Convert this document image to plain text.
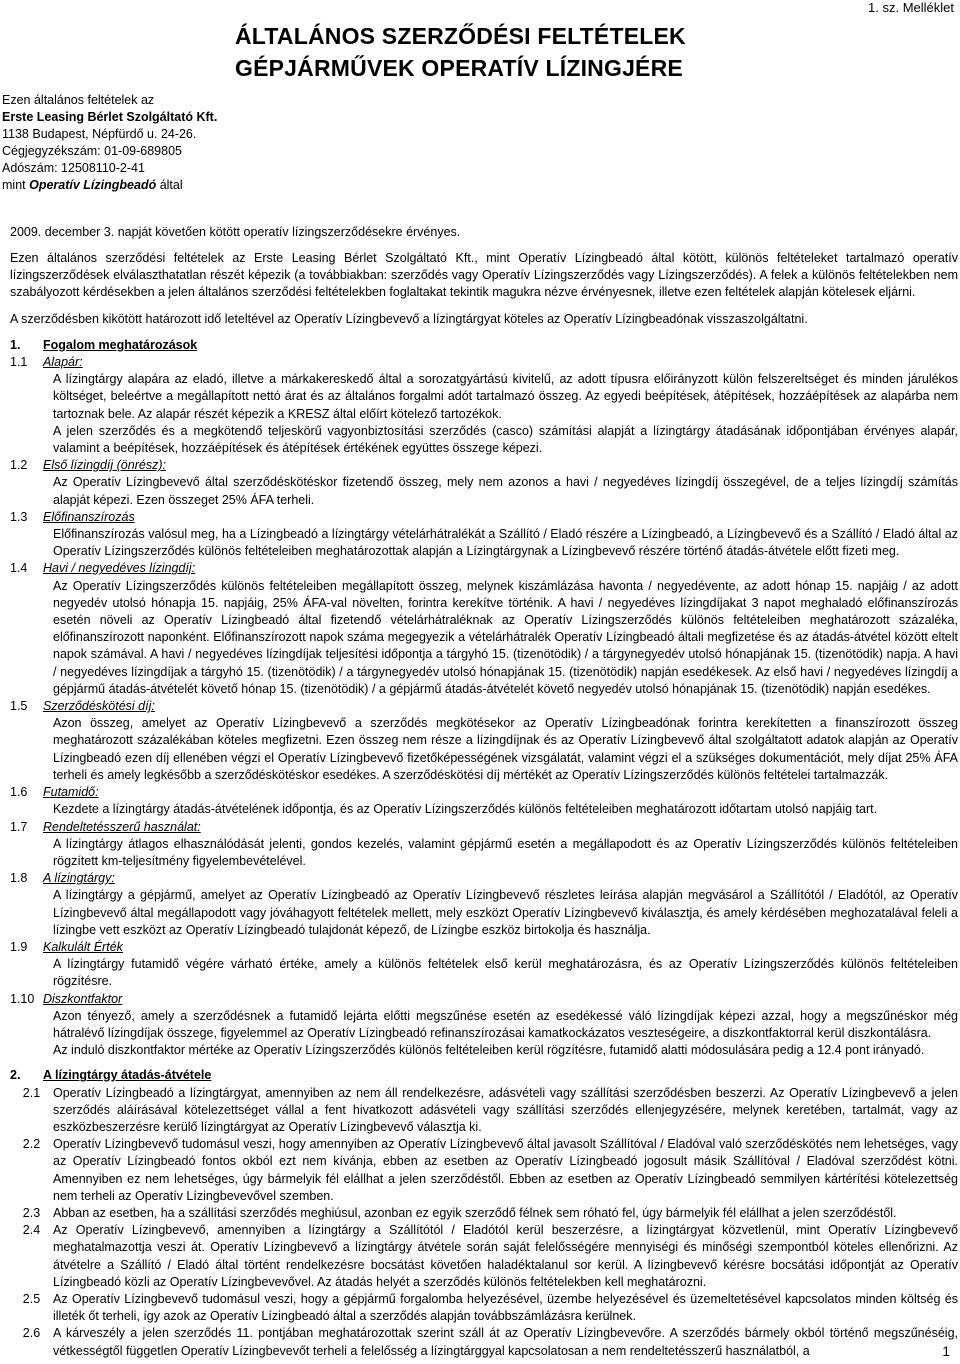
1. sz. Melléklet
ÁLTALÁNOS SZERZŐDÉSI FELTÉTELEK
GÉPJÁRMŰVEK OPERATÍV LÍZINGJÉRE
Ezen általános feltételek az
Erste Leasing Bérlet Szolgáltató Kft.
1138 Budapest, Népfürdő u. 24-26.
Cégjegyzékszám: 01-09-689805
Adószám: 12508110-2-41
mint Operatív Lízingbeadó által
2009. december 3. napját követően kötött operatív lízingszerződésekre érvényes.

Ezen általános szerződési feltételek az Erste Leasing Bérlet Szolgáltató Kft., mint Operatív Lízingbeadó által kötött, különös feltételeket tartalmazó operatív lízingszerződések elválaszthatatlan részét képezik (a továbbiakban: szerződés vagy Operatív Lízingszerződés vagy Lízingszerződés). A felek a különös feltételekben nem szabályozott kérdésekben a jelen általános szerződési feltételekben foglaltakat tekintik magukra nézve érvényesnek, illetve ezen feltételek alapján kötelesek eljárni.

A szerződésben kikötött határozott idő leteltével az Operatív Lízingbevevő a lízingtárgyat köteles az Operatív Lízingbeadónak visszaszolgáltatni.

1.	Fogalom meghatározások
1.1	Alapár:

A lízingtárgy alapára az eladó, illetve a márkakereskedő által a sorozatgyártású kivitelű, az adott típusra előirányzott külön felszereltséget és minden járulékos költséget, beleértve a megállapított nettó árat és az általános forgalmi adót tartalmazó összeg. Az egyedi beépítések, átépítések, hozzáépítések az alapárba nem tartoznak bele. Az alapár részét képezik a KRESZ által előírt kötelező tartozékok.

A jelen szerződés és a megkötendő teljeskörű vagyonbiztosítási szerződés (casco) számítási alapját a lízingtárgy átadásának időpontjában érvényes alapár, valamint a beépítések, hozzáépítések és átépítések értékének együttes összege képezi.

1.2	Első lízingdíj (önrész):

Az Operatív Lízingbevevő által szerződéskötéskor fizetendő összeg, mely nem azonos a havi / negyedéves lízingdíj összegével, de a teljes lízingdíj számítás alapját képezi. Ezen összeget 25% ÁFA terheli.

1.3	Előfinanszírozás

Előfinanszírozás valósul meg, ha a Lízingbeadó a lízingtárgy vételárhátralékát a Szállító / Eladó részére a Lízingbeadó, a Lízingbevevő és a Szállító / Eladó által az Operatív Lízingszerződés különös feltételeiben meghatározottak alapján a Lízingtárgynak a Lízingbevevő részére történő átadás-átvétele előtt fizeti meg.

1.4	Havi / negyedéves lízingdíj:

Az Operatív Lízingszerződés különös feltételeiben megállapított összeg, melynek kiszámlázása havonta / negyedévente, az adott hónap 15. napjáig / az adott negyedév utolsó hónapja 15. napjáig, 25% ÁFA-val növelten, forintra kerekítve történik. A havi / negyedéves lízingdíjakat 3 napot meghaladó előfinanszírozás esetén növeli az Operatív Lízingbeadó által fizetendő vételárhátraléknak az Operatív Lízingszerződés különös feltételeiben meghatározott százaléka, előfinanszírozott naponként. Előfinanszírozott napok száma megegyezik a vételárhátralék Operatív Lízingbeadó általi megfizetése és az átadás-átvétel között eltelt napok számával. A havi / negyedéves lízingdíjak teljesítési időpontja a tárgyhó 15. (tizenötödik) / a tárgynegyedév utolsó hónapjának 15. (tizenötödik) napja. A havi / negyedéves lízingdíjak a tárgyhó 15. (tizenötödik) / a tárgynegyedév utolsó hónapjának 15. (tizenötödik) napján esedékesek. Az első havi / negyedéves lízingdíj a gépjármű átadás-átvételét követő hónap 15. (tizenötödik) / a gépjármű átadás-átvételét követő negyedév utolsó hónapjának 15. (tizenötödik) napján esedékes.

1.5	Szerződéskötési díj:

Azon összeg, amelyet az Operatív Lízingbevevő a szerződés megkötésekor az Operatív Lízingbeadónak forintra kerekítetten a finanszírozott összeg meghatározott százalékában köteles megfizetni. Ezen összeg nem része a lízingdíjnak és az Operatív Lízingbevevő által szolgáltatott adatok alapján az Operatív Lízingbeadó ezen díj ellenében végzi el Operatív Lízingbevevő fizetőképességének vizsgálatát, valamint végzi el a szükséges dokumentációt, mely díjat 25% ÁFA terheli és amely legkésőbb a szerződéskötéskor esedékes. A szerződéskötési díj mértékét az Operatív Lízingszerződés különös feltételei tartalmazzák.

1.6	Futamidő:

Kezdete a lízingtárgy átadás-átvételének időpontja, és az Operatív Lízingszerződés különös feltételeiben meghatározott időtartam utolsó napjáig tart.

1.7	Rendeltetésszerű használat:

A lízingtárgy átlagos elhasználódását jelenti, gondos kezelés, valamint gépjármű esetén a megállapodott és az Operatív Lízingszerződés különös feltételeiben rögzített km-teljesítmény figyelembevételével.

1.8	A lízingtárgy:

A lízingtárgy a gépjármű, amelyet az Operatív Lízingbeadó az Operatív Lízingbevevő részletes leírása alapján megvásárol a Szállítótól / Eladótól, az Operatív Lízingbevevő által megállapodott vagy jóváhagyott feltételek mellett, mely eszközt Operatív Lízingbevevő kiválasztja, és amely kérdésében meghozatalával feleli a lízingbe vett eszközt az Operatív Lízingbeadó tulajdonát képező, de Lízingbe eszköz birtokolja és használja.

1.9	Kalkulált Érték

A lízingtárgy futamidő végére várható értéke, amely a különös feltételek első kerül meghatározásra, és az Operatív Lízingszerződés különös feltételeiben rögzítésre.

1.10 Diszkontfaktor

Azon tényező, amely a szerződésnek a futamidő lejárta előtti megszűnése esetén az esedékessé váló lízingdíjak képezi azzal, hogy a megszűnéskor még hátralévő lízingdíjak összege, figyelemmel az Operatív Lízingbeadó refinanszírozásai kamatkockázatos veszteségeire, a diszkontfaktorral kerül diszkontálásra.

Az induló diszkontfaktor mértéke az Operatív Lízingszerződés különös feltételeiben kerül rögzítésre, futamidő alatti módosulására pedig a 12.4 pont irányadó.

2.	A lízingtárgy átadás-átvétele
2.1	Operatív Lízingbeadó a lízingtárgyat, amennyiben az nem áll rendelkezésre, adásvételi vagy szállítási szerződésben beszerzi. Az Operatív Lízingbevevő a jelen szerződés aláírásával kötelezettséget vállal a fent hivatkozott adásvételi vagy szállítási szerződés ellenjegyzésére, melynek keretében, tartalmát, vagy az eszközbeszerzésre kerülő lízingtárgyat az Operatív Lízingbevevő választja ki.
2.2	Operatív Lízingbevevő tudomásul veszi, hogy amennyiben az Operatív Lízingbevevő által javasolt Szállítóval / Eladóval való szerződéskötés nem lehetséges, vagy az Operatív Lízingbeadó fontos okból ezt nem kívánja, ebben az esetben az Operatív Lízingbeadó jogosult másik Szállítóval / Eladóval szerződést kötni. Amennyiben ez nem lehetséges, úgy bármelyik fél elállhat a jelen szerződéstől. Ebben az esetben az Operatív Lízingbeadó semmilyen kártérítési kötelezettség nem terheli az Operatív Lízingbevevővel szemben.
2.3	Abban az esetben, ha a szállítási szerződés meghiúsul, azonban ez egyik szerződő félnek sem róható fel, úgy bármelyik fél elállhat a jelen szerződéstől.
2.4	Az Operatív Lízingbevevő, amennyiben a lízingtárgy a Szállítótól / Eladótól kerül beszerzésre, a lízingtárgyat közvetlenül, mint Operatív Lízingbevevő meghatalmazottja veszi át. Operatív Lízingbevevő a lízingtárgy átvétele során saját felelősségére mennyiségi és minőségi szempontból köteles ellenőrizni. Az átvételre a Szállító / Eladó által történt rendelkezésre bocsátást követően haladéktalanul sor kerül. A lízingbevevő kérésre bocsátási időpontját az Operatív Lízingbeadó közli az Operatív Lízingbevevővel. Az átadás helyét a szerződés különös feltételekben kell meghatározni.
2.5	Az Operatív Lízingbevevő tudomásul veszi, hogy a gépjármű forgalomba helyezésével, üzembe helyezésével és üzemeltetésével kapcsolatos minden költség és illeték őt terheli, így azok az Operatív Lízingbeadó által a szerződés alapján továbbszámlázásra kerülnek.
2.6	A kárveszély a jelen szerződés 11. pontjában meghatározottak szerint száll át az Operatív Lízingbevevőre. A szerződés bármely okból történő megszűnéséig, vétkességtől független Operatív Lízingbevevőt terheli a felelősség a lízingtárggyal kapcsolatosan a nem rendeltetésszerű használatból, a	1
